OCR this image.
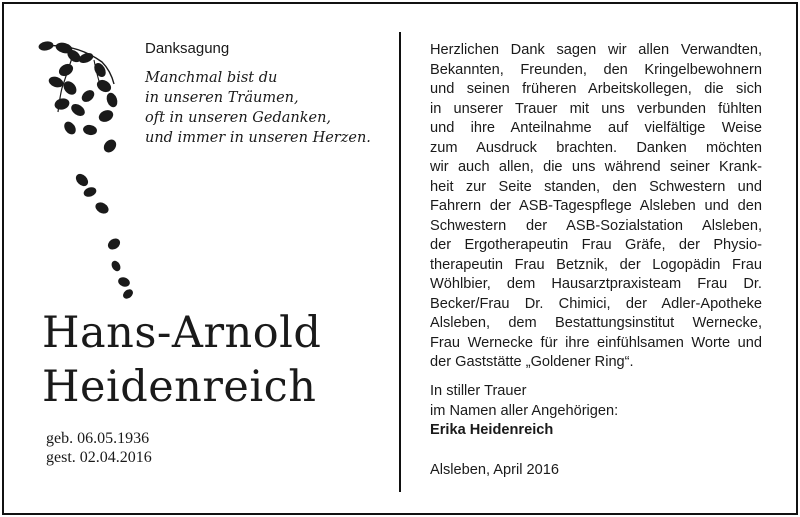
Danksagung
Manchmal bist du
in unseren Träumen,
oft in unseren Gedanken,
und immer in unseren Herzen.
Hans-Arnold
Heidenreich
geb. 06.05.1936
gest. 02.04.2016
Herzlichen Dank sagen wir allen Verwandten,
Bekannten, Freunden, den Kringelbewohnern
und seinen früheren Arbeitskollegen, die sich
in unserer Trauer mit uns verbunden fühlten
und ihre Anteilnahme auf vielfältige Weise
zum Ausdruck brachten. Danken möchten
wir auch allen, die uns während seiner Krank-
heit zur Seite standen, den Schwestern und
Fahrern der ASB-Tagespflege Alsleben und den
Schwestern der ASB-Sozialstation Alsleben,
der Ergotherapeutin Frau Gräfe, der Physio-
therapeutin Frau Betznik, der Logopädin Frau
Wöhlbier, dem Hausarztpraxisteam Frau Dr.
Becker/Frau Dr. Chimici, der Adler-Apotheke
Alsleben, dem Bestattungsinstitut Wernecke,
Frau Wernecke für ihre einfühlsamen Worte und
der Gaststätte „Goldener Ring“.
In stiller Trauer
im Namen aller Angehörigen:
Erika Heidenreich
Alsleben, April 2016
